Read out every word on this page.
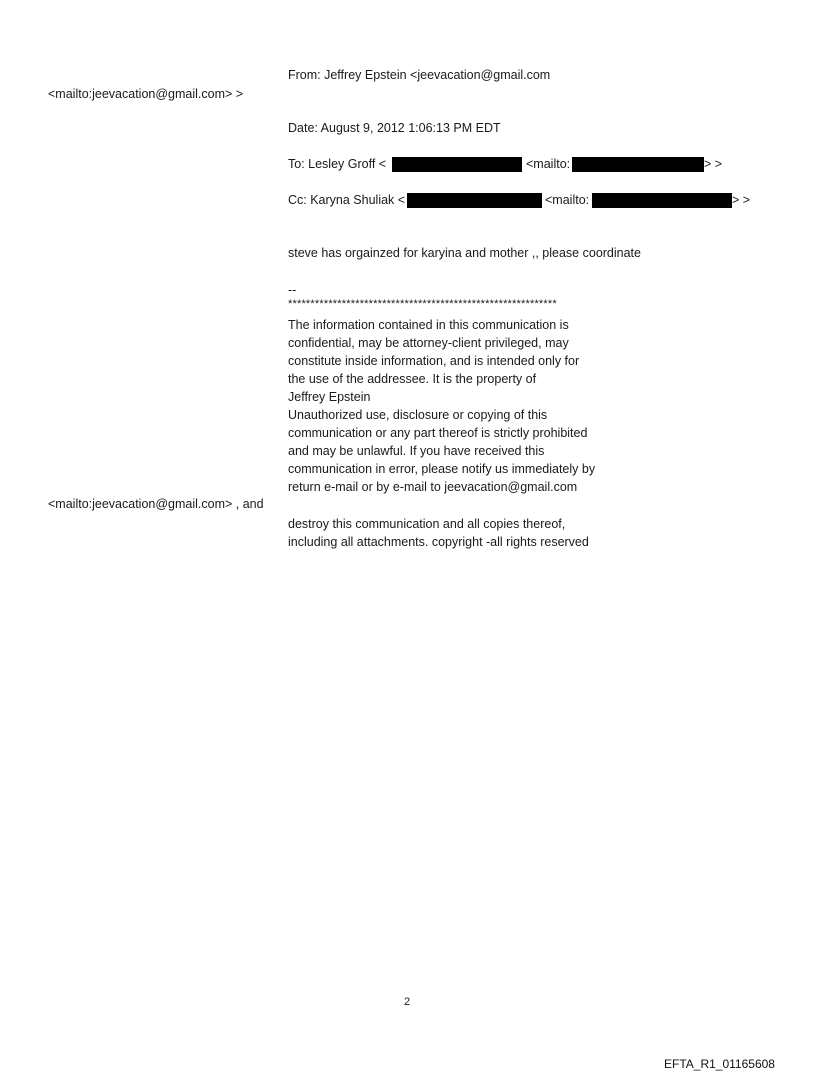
From: Jeffrey Epstein <jeevacation@gmail.com
<mailto:jeevacation@gmail.com> >
Date: August 9, 2012 1:06:13 PM EDT
To: Lesley Groff <	<mailto:	> >
Cc: Karyna Shuliak <	<mailto:	> >
steve has orgainzed for karyina and mother ,, please coordinate
--
************************************************************
The information contained in this communication is
confidential, may be attorney-client privileged, may
constitute inside information, and is intended only for
the use of the addressee. It is the property of
Jeffrey Epstein
Unauthorized use, disclosure or copying of this
communication or any part thereof is strictly prohibited
and may be unlawful. If you have received this
communication in error, please notify us immediately by
return e-mail or by e-mail to jeevacation@gmail.com
<mailto:jeevacation@gmail.com> , and
destroy this communication and all copies thereof,
including all attachments. copyright -all rights reserved
2
EFTA_R1_01165608
